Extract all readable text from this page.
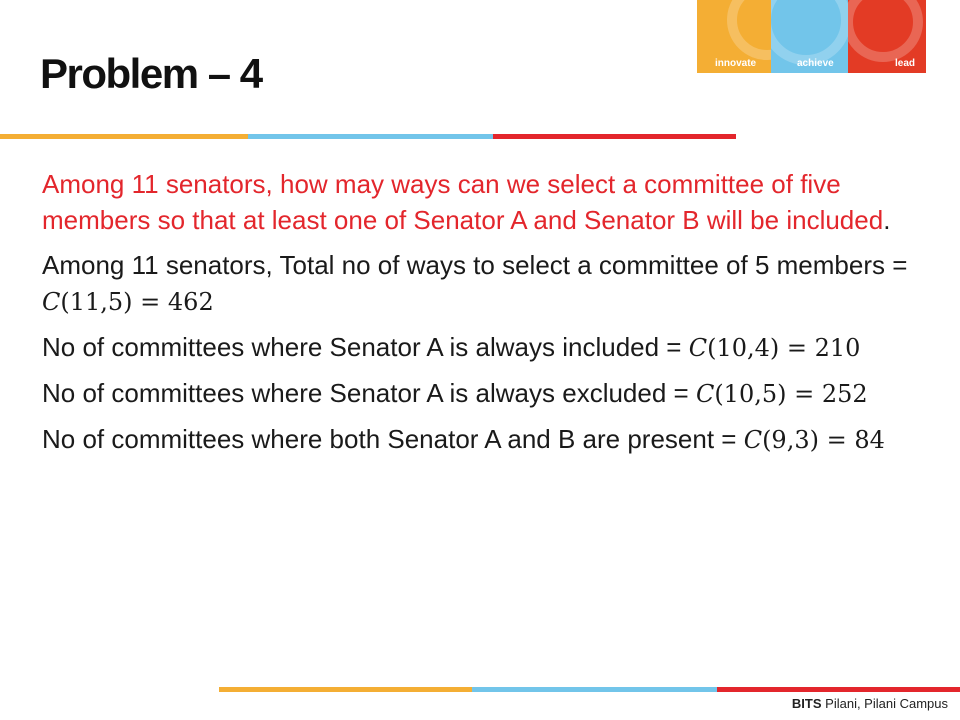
Problem – 4	innovate	achieve	lead

Among 11 senators, how may ways can we select a committee of five members so that at least one of Senator A and Senator B will be included.

Among 11 senators, Total no of ways to select a committee of 5 members = C(11,5) = 462

No of committees where Senator A is always included = C(10,4) = 210

No of committees where Senator A is always excluded = C(10,5) = 252

No of committees where both Senator A and B are present = C(9,3) = 84

BITS Pilani, Pilani Campus
